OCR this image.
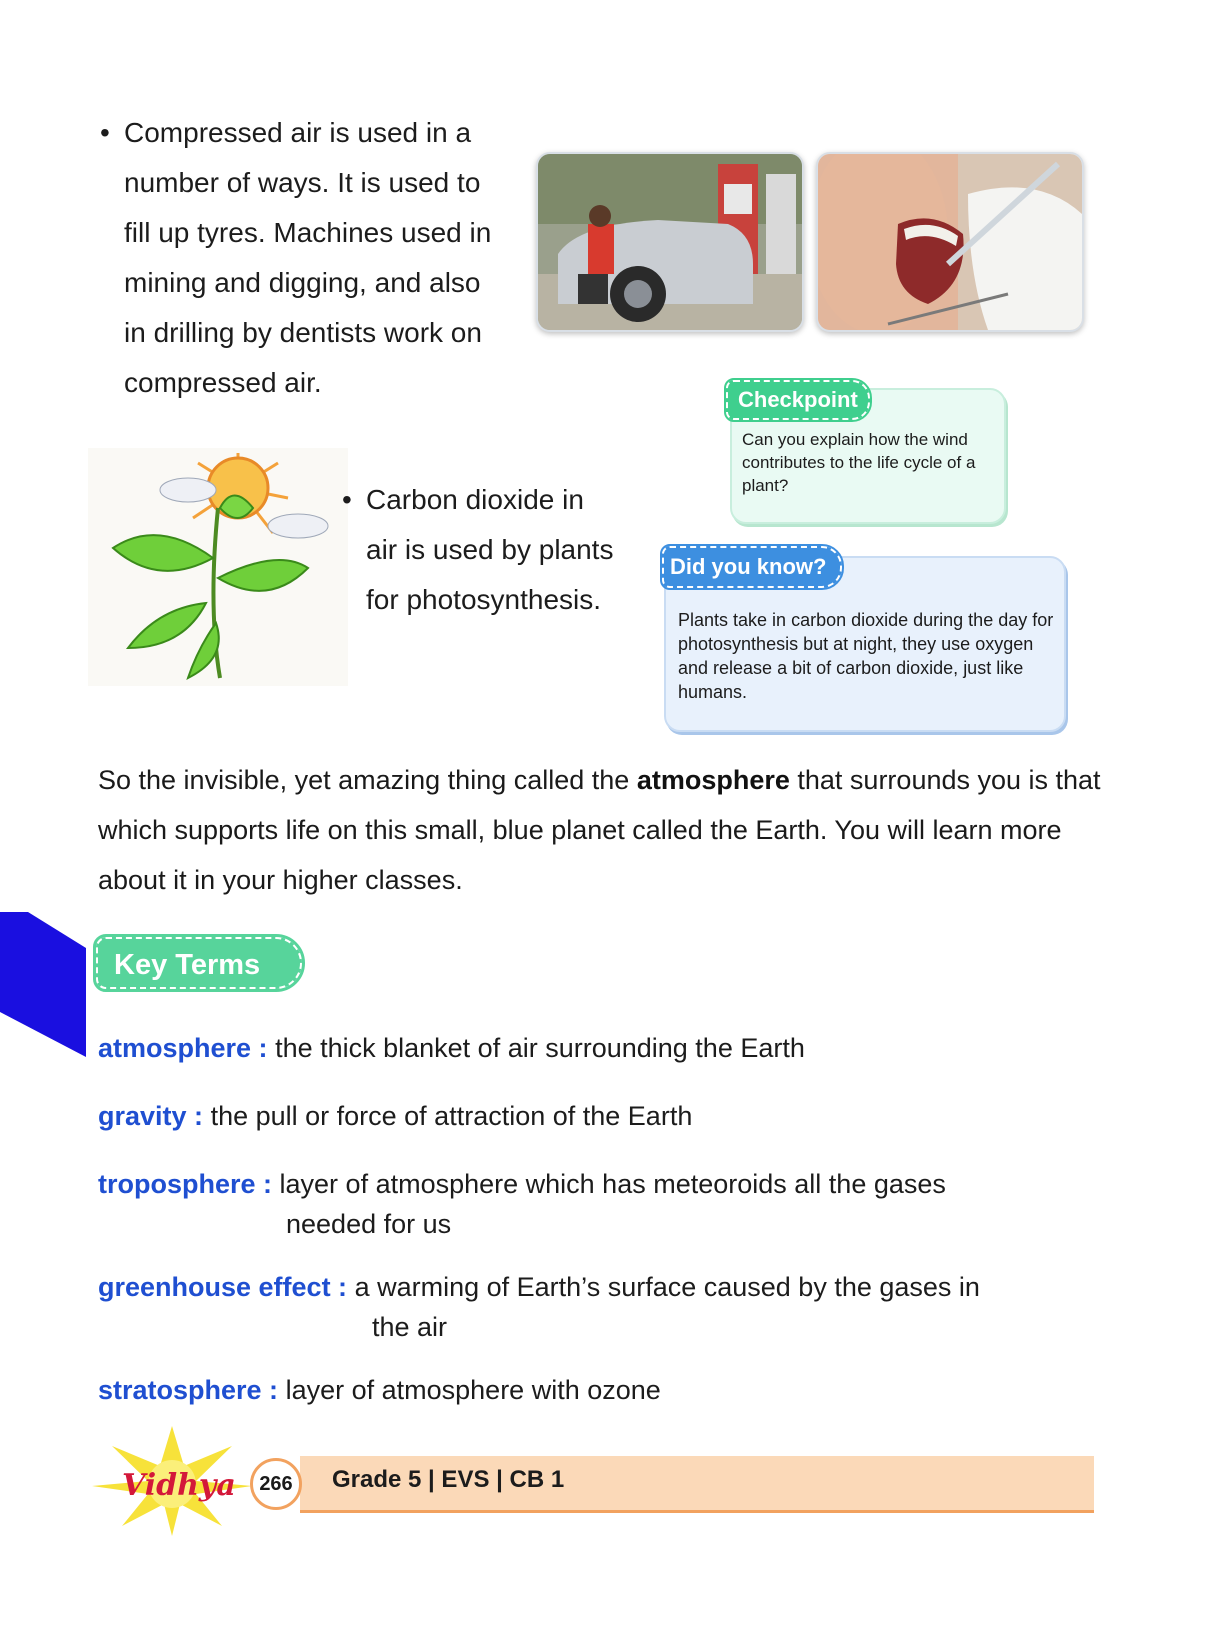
• Compressed air is used in a
number of ways. It is used to
fill up tyres. Machines used in
mining and digging, and also
in drilling by dentists work on
compressed air.
• Carbon dioxide in
air is used by plants
for photosynthesis.
Checkpoint
Can you explain how the wind contributes to the life cycle of a plant?
Did you know?
Plants take in carbon dioxide during the day for photosynthesis but at night, they use oxygen and release a bit of carbon dioxide, just like humans.
So the invisible, yet amazing thing called the atmosphere that surrounds you is that which supports life on this small, blue planet called the Earth. You will learn more about it in your higher classes.
Key Terms
atmosphere : the thick blanket of air surrounding the Earth
gravity : the pull or force of attraction of the Earth
troposphere : layer of atmosphere which has meteoroids all the gases
needed for us
greenhouse effect : a warming of Earth’s surface caused by the gases in
the air
stratosphere : layer of atmosphere with ozone
Vidhya	266	Grade 5 | EVS | CB 1
